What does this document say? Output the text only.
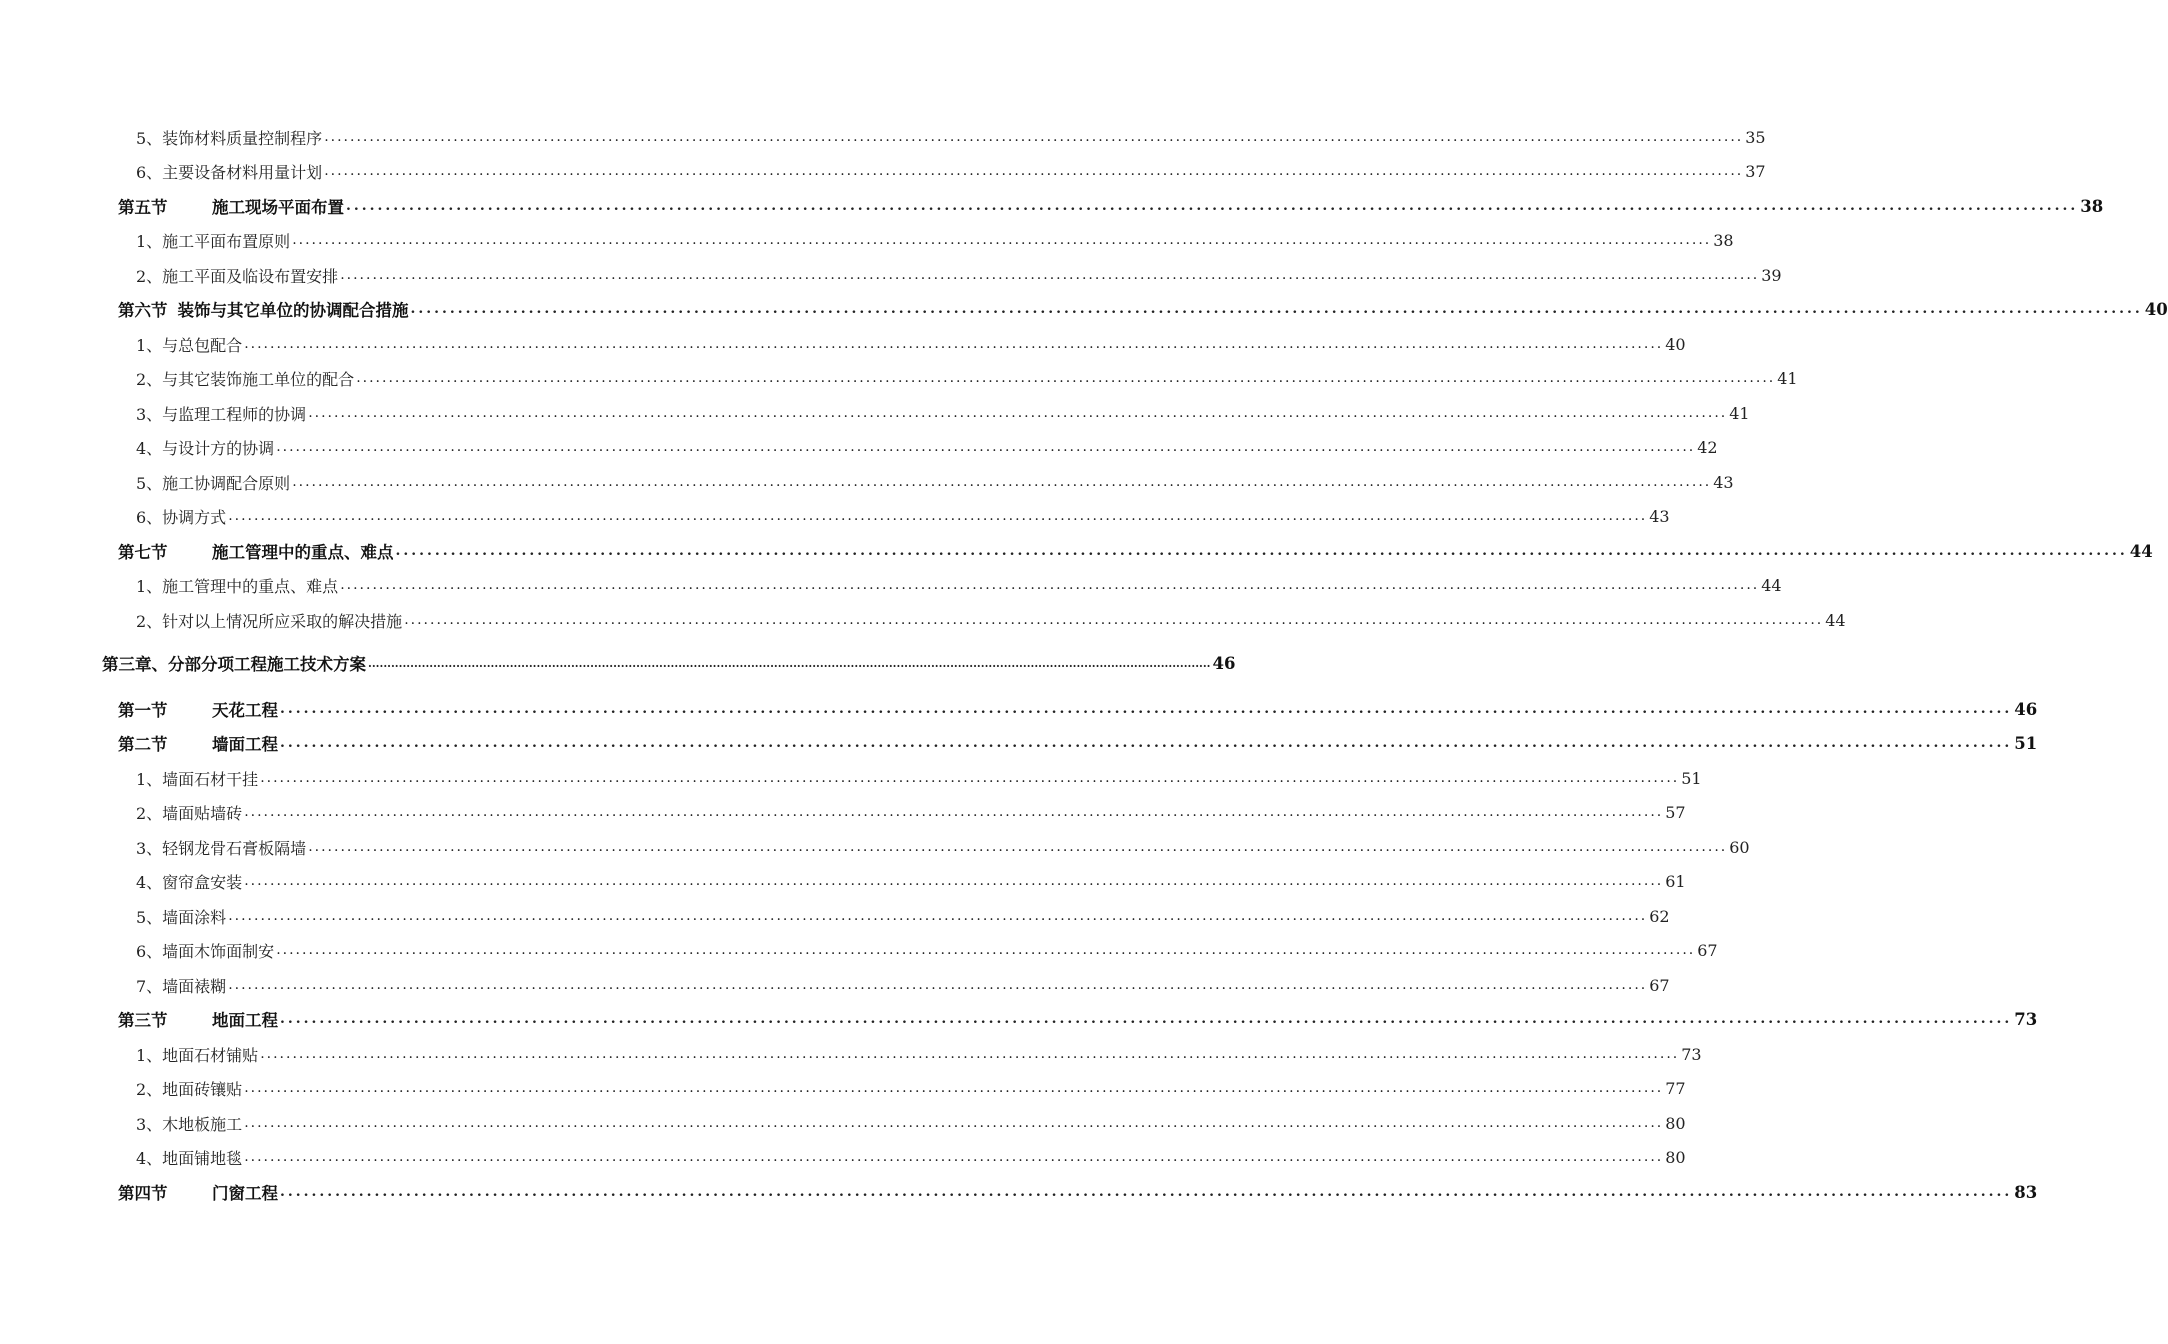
5、装饰材料质量控制程序 ............................................................................................................................................................................................................................ 35
6、主要设备材料用量计划 ............................................................................................................................................................................................................................ 37
第五节	施工现场平面布置 ............................................................................................................................................................................................................................ 38
1、施工平面布置原则 ............................................................................................................................................................................................................................ 38
2、施工平面及临设布置安排 ............................................................................................................................................................................................................................ 39
第六节 装饰与其它单位的协调配合措施 ............................................................................................................................................................................................................................ 40
1、与总包配合 ............................................................................................................................................................................................................................ 40
2、与其它装饰施工单位的配合 ............................................................................................................................................................................................................................ 41
3、与监理工程师的协调 ............................................................................................................................................................................................................................ 41
4、与设计方的协调 ............................................................................................................................................................................................................................ 42
5、施工协调配合原则 ............................................................................................................................................................................................................................ 43
6、协调方式 ............................................................................................................................................................................................................................ 43
第七节	施工管理中的重点、难点 ............................................................................................................................................................................................................................ 44
1、施工管理中的重点、难点 ............................................................................................................................................................................................................................ 44
2、针对以上情况所应采取的解决措施 ............................................................................................................................................................................................................................ 44
第三章、分部分项工程施工技术方案 ............................................................................................................................................................................................................................ 46
第一节	天花工程 ............................................................................................................................................................................................................................ 46
第二节	墙面工程 ............................................................................................................................................................................................................................ 51
1、墙面石材干挂 ............................................................................................................................................................................................................................ 51
2、墙面贴墙砖 ............................................................................................................................................................................................................................ 57
3、轻钢龙骨石膏板隔墙 ............................................................................................................................................................................................................................ 60
4、窗帘盒安装 ............................................................................................................................................................................................................................ 61
5、墙面涂料 ............................................................................................................................................................................................................................ 62
6、墙面木饰面制安 ............................................................................................................................................................................................................................ 67
7、墙面裱糊 ............................................................................................................................................................................................................................ 67
第三节	地面工程 ............................................................................................................................................................................................................................ 73
1、地面石材铺贴 ............................................................................................................................................................................................................................ 73
2、地面砖镶贴 ............................................................................................................................................................................................................................ 77
3、木地板施工 ............................................................................................................................................................................................................................ 80
4、地面铺地毯 ............................................................................................................................................................................................................................ 80
第四节	门窗工程 ............................................................................................................................................................................................................................ 83
